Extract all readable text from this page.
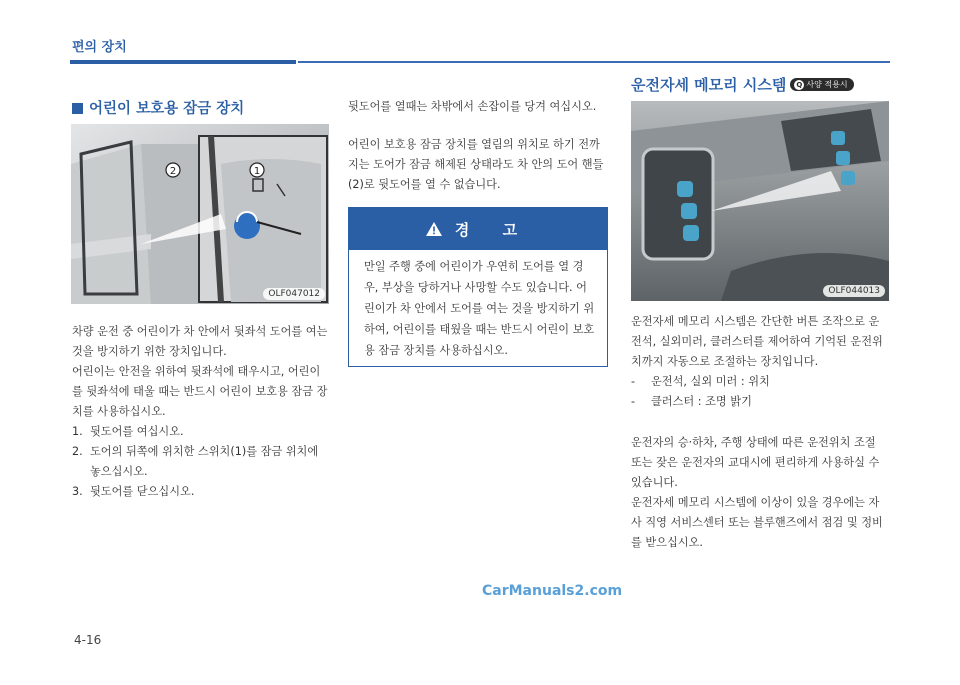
편의 장치
어린이 보호용 잠금 장치
2	1
OLF047012

차량 운전 중 어린이가 차 안에서 뒷좌석 도어를 여는 것을 방지하기 위한 장치입니다.

어린이는 안전을 위하여 뒷좌석에 태우시고, 어린이를 뒷좌석에 태울 때는 반드시 어린이 보호용 잠금 장치를 사용하십시오.

1. 뒷도어를 여십시오.
2. 도어의 뒤쪽에 위치한 스위치(1)를 잠금 위치에 놓으십시오.
3. 뒷도어를 닫으십시오.

뒷도어를 열때는 차밖에서 손잡이를 당겨 여십시오.

어린이 보호용 잠금 장치를 열림의 위치로 하기 전까지는 도어가 잠금 해제된 상태라도 차 안의 도어 핸들(2)로 뒷도어를 열 수 없습니다.

경 고
만일 주행 중에 어린이가 우연히 도어를 열 경우, 부상을 당하거나 사망할 수도 있습니다. 어린이가 차 안에서 도어를 여는 것을 방지하기 위하여, 어린이를 태웠을 때는 반드시 어린이 보호용 잠금 장치를 사용하십시오.
운전자세 메모리 시스템 Q 사양 적용시
OLF044013

운전자세 메모리 시스템은 간단한 버튼 조작으로 운전석, 실외미러, 클러스터를 제어하여 기억된 운전위치까지 자동으로 조절하는 장치입니다.

-	운전석, 실외 미러 : 위치
-	클러스터 : 조명 밝기

운전자의 승·하차, 주행 상태에 따른 운전위치 조절 또는 잦은 운전자의 교대시에 편리하게 사용하실 수 있습니다.

운전자세 메모리 시스템에 이상이 있을 경우에는 자사 직영 서비스센터 또는 블루핸즈에서 점검 및 정비를 받으십시오.

CarManuals2.com
4-16
